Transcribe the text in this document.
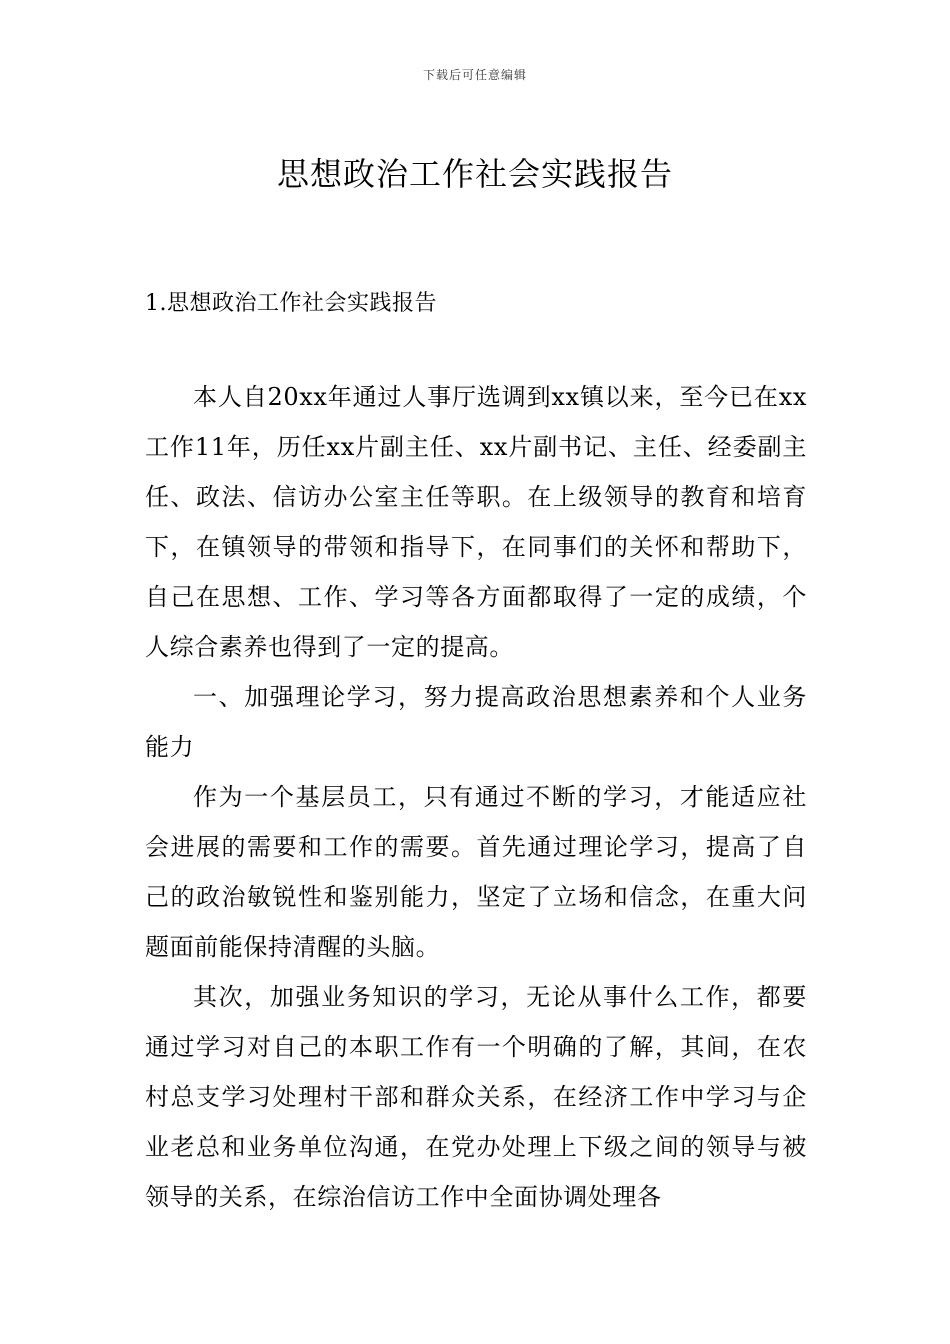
下载后可任意编辑
思想政治工作社会实践报告
1.思想政治工作社会实践报告

本人自20xx年通过人事厅选调到xx镇以来，至今已在xx工作11年，历任xx片副主任、xx片副书记、主任、经委副主任、政法、信访办公室主任等职。在上级领导的教育和培育下，在镇领导的带领和指导下，在同事们的关怀和帮助下，自己在思想、工作、学习等各方面都取得了一定的成绩，个人综合素养也得到了一定的提高。

一、加强理论学习，努力提高政治思想素养和个人业务能力

作为一个基层员工，只有通过不断的学习，才能适应社会进展的需要和工作的需要。首先通过理论学习，提高了自己的政治敏锐性和鉴别能力，坚定了立场和信念，在重大问题面前能保持清醒的头脑。

其次，加强业务知识的学习，无论从事什么工作，都要通过学习对自己的本职工作有一个明确的了解，其间，在农村总支学习处理村干部和群众关系，在经济工作中学习与企业老总和业务单位沟通，在党办处理上下级之间的领导与被领导的关系，在综治信访工作中全面协调处理各
